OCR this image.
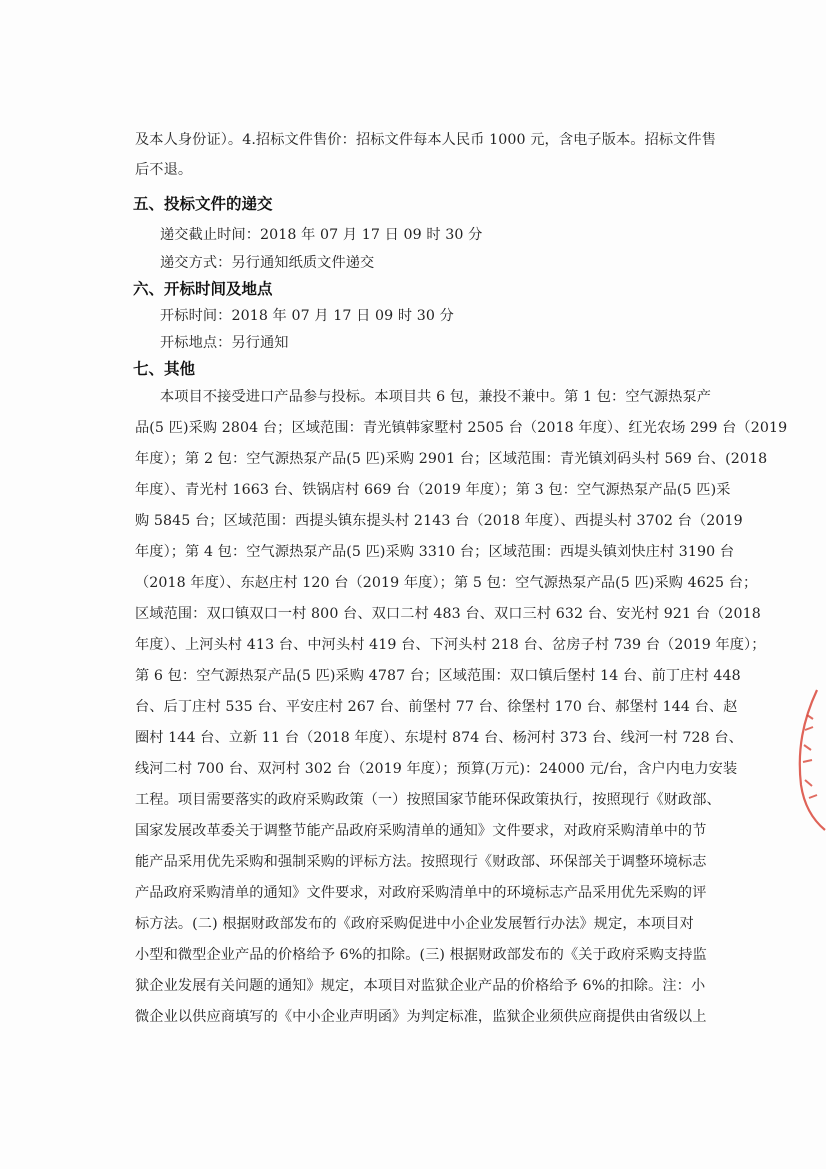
及本人身份证）。4.招标文件售价：招标文件每本人民币 1000 元，含电子版本。招标文件售
后不退。
五、投标文件的递交
递交截止时间：2018 年 07 月 17 日 09 时 30 分
递交方式：另行通知纸质文件递交
六、开标时间及地点
开标时间：2018 年 07 月 17 日 09 时 30 分
开标地点：另行通知
七、其他
本项目不接受进口产品参与投标。本项目共 6 包，兼投不兼中。第 1 包：空气源热泵产
品(5 匹)采购 2804 台；区域范围：青光镇韩家墅村 2505 台（2018 年度）、红光农场 299 台（2019
年度）；第 2 包：空气源热泵产品(5 匹)采购 2901 台；区域范围：青光镇刘码头村 569 台、(2018
年度）、青光村 1663 台、铁锅店村 669 台（2019 年度）；第 3 包：空气源热泵产品(5 匹)采
购 5845 台；区域范围：西提头镇东提头村 2143 台（2018 年度）、西提头村 3702 台（2019
年度）；第 4 包：空气源热泵产品(5 匹)采购 3310 台；区域范围：西堤头镇刘快庄村 3190 台
（2018 年度）、东赵庄村 120 台（2019 年度）；第 5 包：空气源热泵产品(5 匹)采购 4625 台；
区域范围：双口镇双口一村 800 台、双口二村 483 台、双口三村 632 台、安光村 921 台（2018
年度）、上河头村 413 台、中河头村 419 台、下河头村 218 台、岔房子村 739 台（2019 年度）；
第 6 包：空气源热泵产品(5 匹)采购 4787 台；区域范围：双口镇后堡村 14 台、前丁庄村 448
台、后丁庄村 535 台、平安庄村 267 台、前堡村 77 台、徐堡村 170 台、郝堡村 144 台、赵
圈村 144 台、立新 11 台（2018 年度）、东堤村 874 台、杨河村 373 台、线河一村 728 台、
线河二村 700 台、双河村 302 台（2019 年度）；预算(万元)：24000 元/台，含户内电力安装
工程。项目需要落实的政府采购政策（一）按照国家节能环保政策执行，按照现行《财政部、
国家发展改革委关于调整节能产品政府采购清单的通知》文件要求，对政府采购清单中的节
能产品采用优先采购和强制采购的评标方法。按照现行《财政部、环保部关于调整环境标志
产品政府采购清单的通知》文件要求，对政府采购清单中的环境标志产品采用优先采购的评
标方法。(二) 根据财政部发布的《政府采购促进中小企业发展暂行办法》规定，本项目对
小型和微型企业产品的价格给予 6%的扣除。(三) 根据财政部发布的《关于政府采购支持监
狱企业发展有关问题的通知》规定，本项目对监狱企业产品的价格给予 6%的扣除。注：小
微企业以供应商填写的《中小企业声明函》为判定标准，监狱企业须供应商提供由省级以上
